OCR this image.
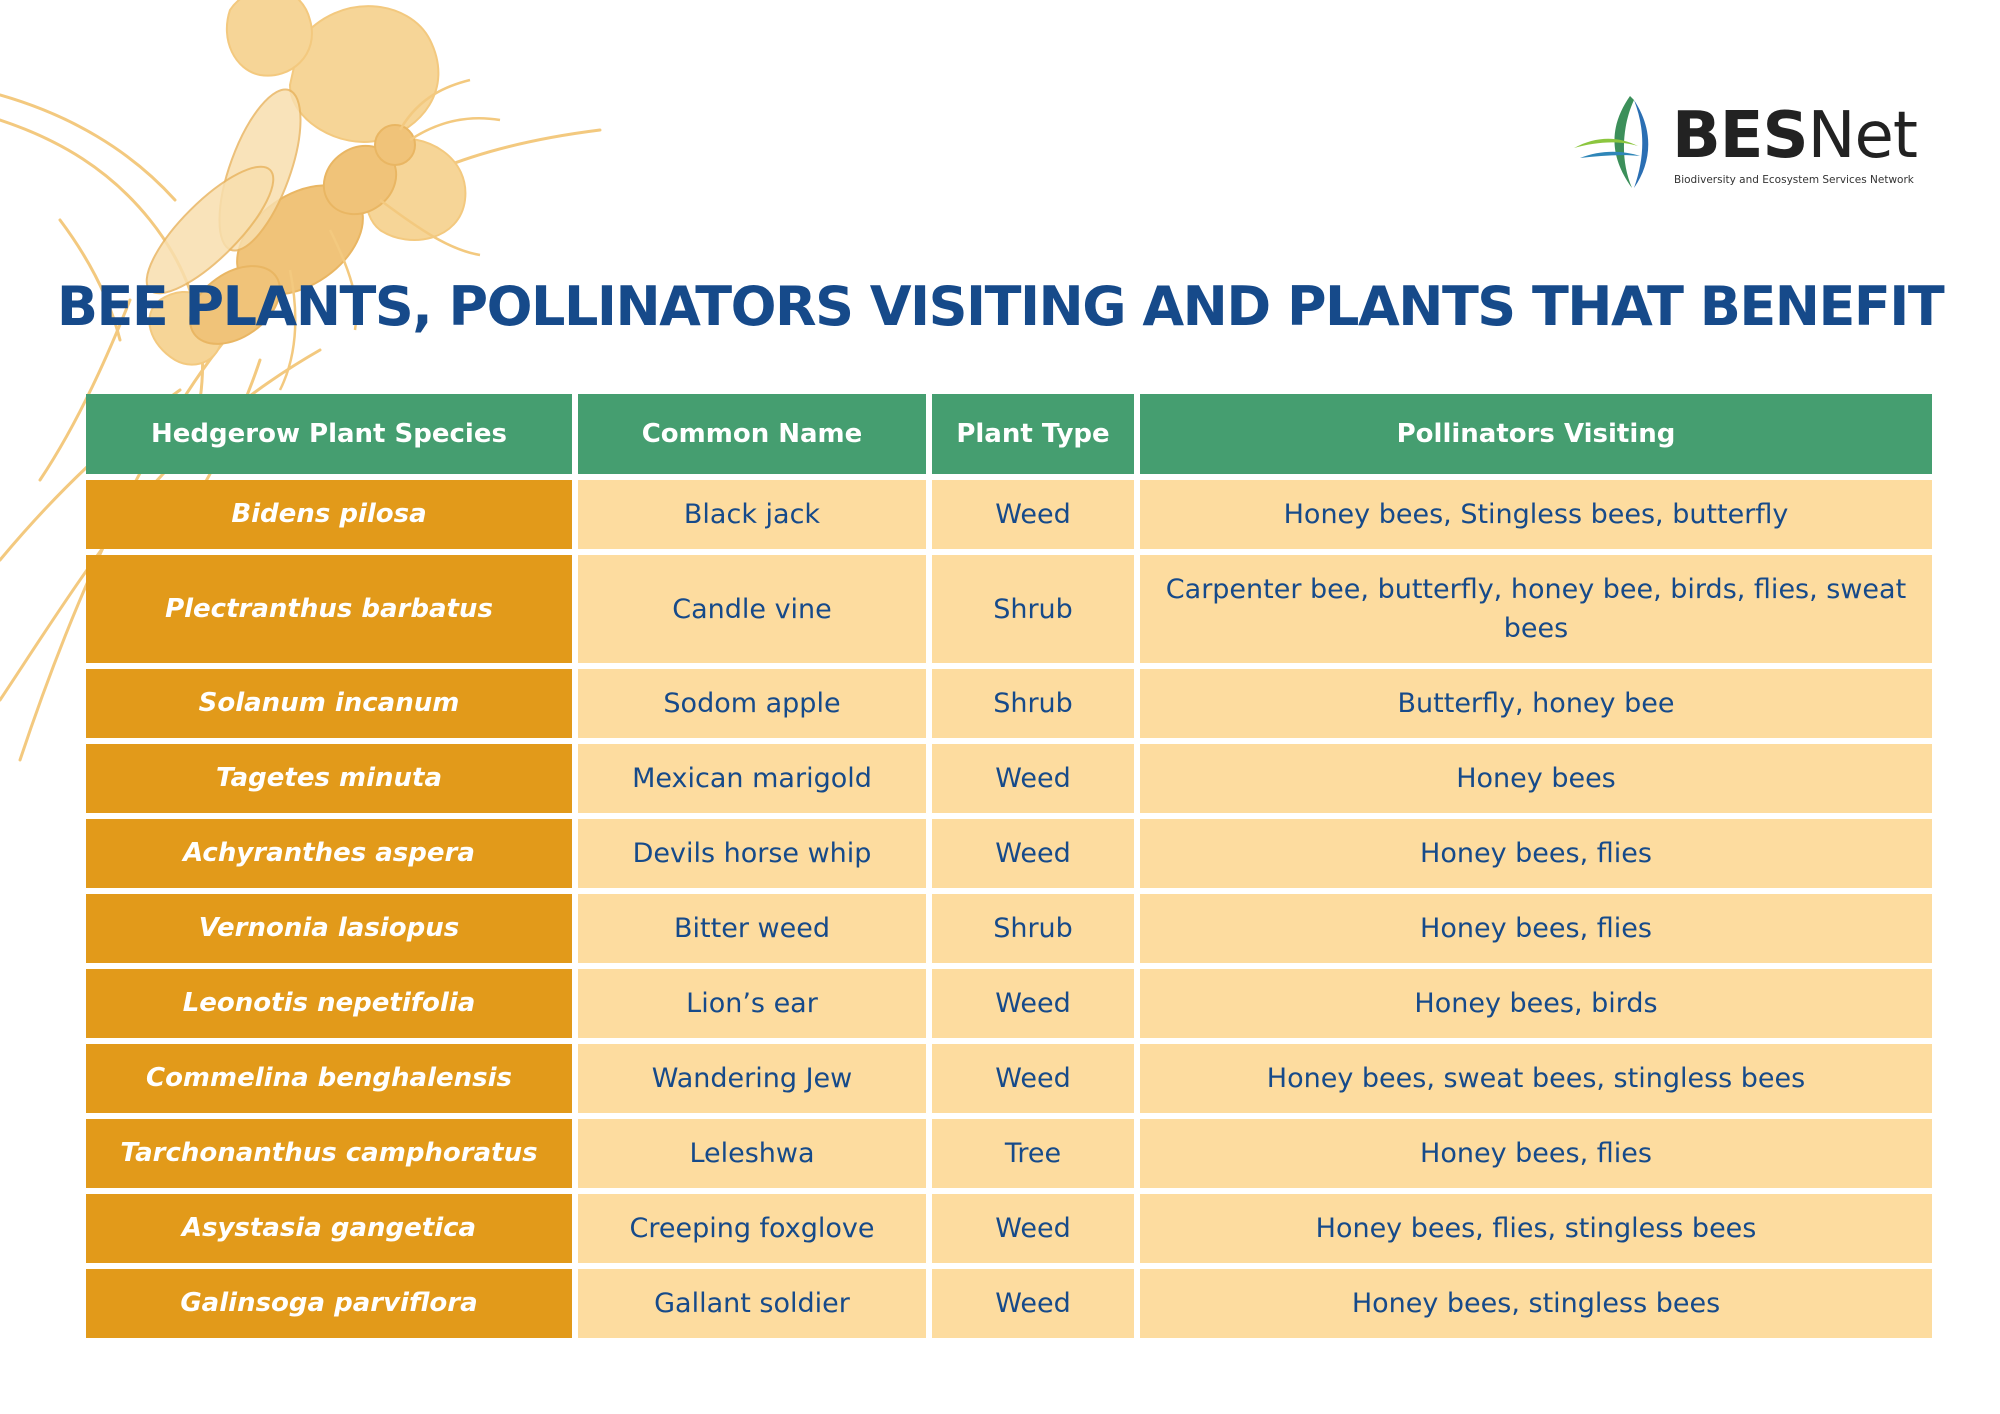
BESNet

Biodiversity and Ecosystem Services Network

BEE PLANTS, POLLINATORS VISITING AND PLANTS THAT BENEFIT
Hedgerow Plant Species	Common Name	Plant Type	Pollinators Visiting
Bidens pilosa	Black jack	Weed	Honey bees, Stingless bees, butterfly
Plectranthus barbatus	Candle vine	Shrub	Carpenter bee, butterfly, honey bee, birds, flies, sweat bees
Solanum incanum	Sodom apple	Shrub	Butterfly, honey bee
Tagetes minuta	Mexican marigold	Weed	Honey bees
Achyranthes aspera	Devils horse whip	Weed	Honey bees, flies
Vernonia lasiopus	Bitter weed	Shrub	Honey bees, flies
Leonotis nepetifolia	Lion’s ear	Weed	Honey bees, birds
Commelina benghalensis	Wandering Jew	Weed	Honey bees, sweat bees, stingless bees
Tarchonanthus camphoratus	Leleshwa	Tree	Honey bees, flies
Asystasia gangetica	Creeping foxglove	Weed	Honey bees, flies, stingless bees
Galinsoga parviflora	Gallant soldier	Weed	Honey bees, stingless bees
